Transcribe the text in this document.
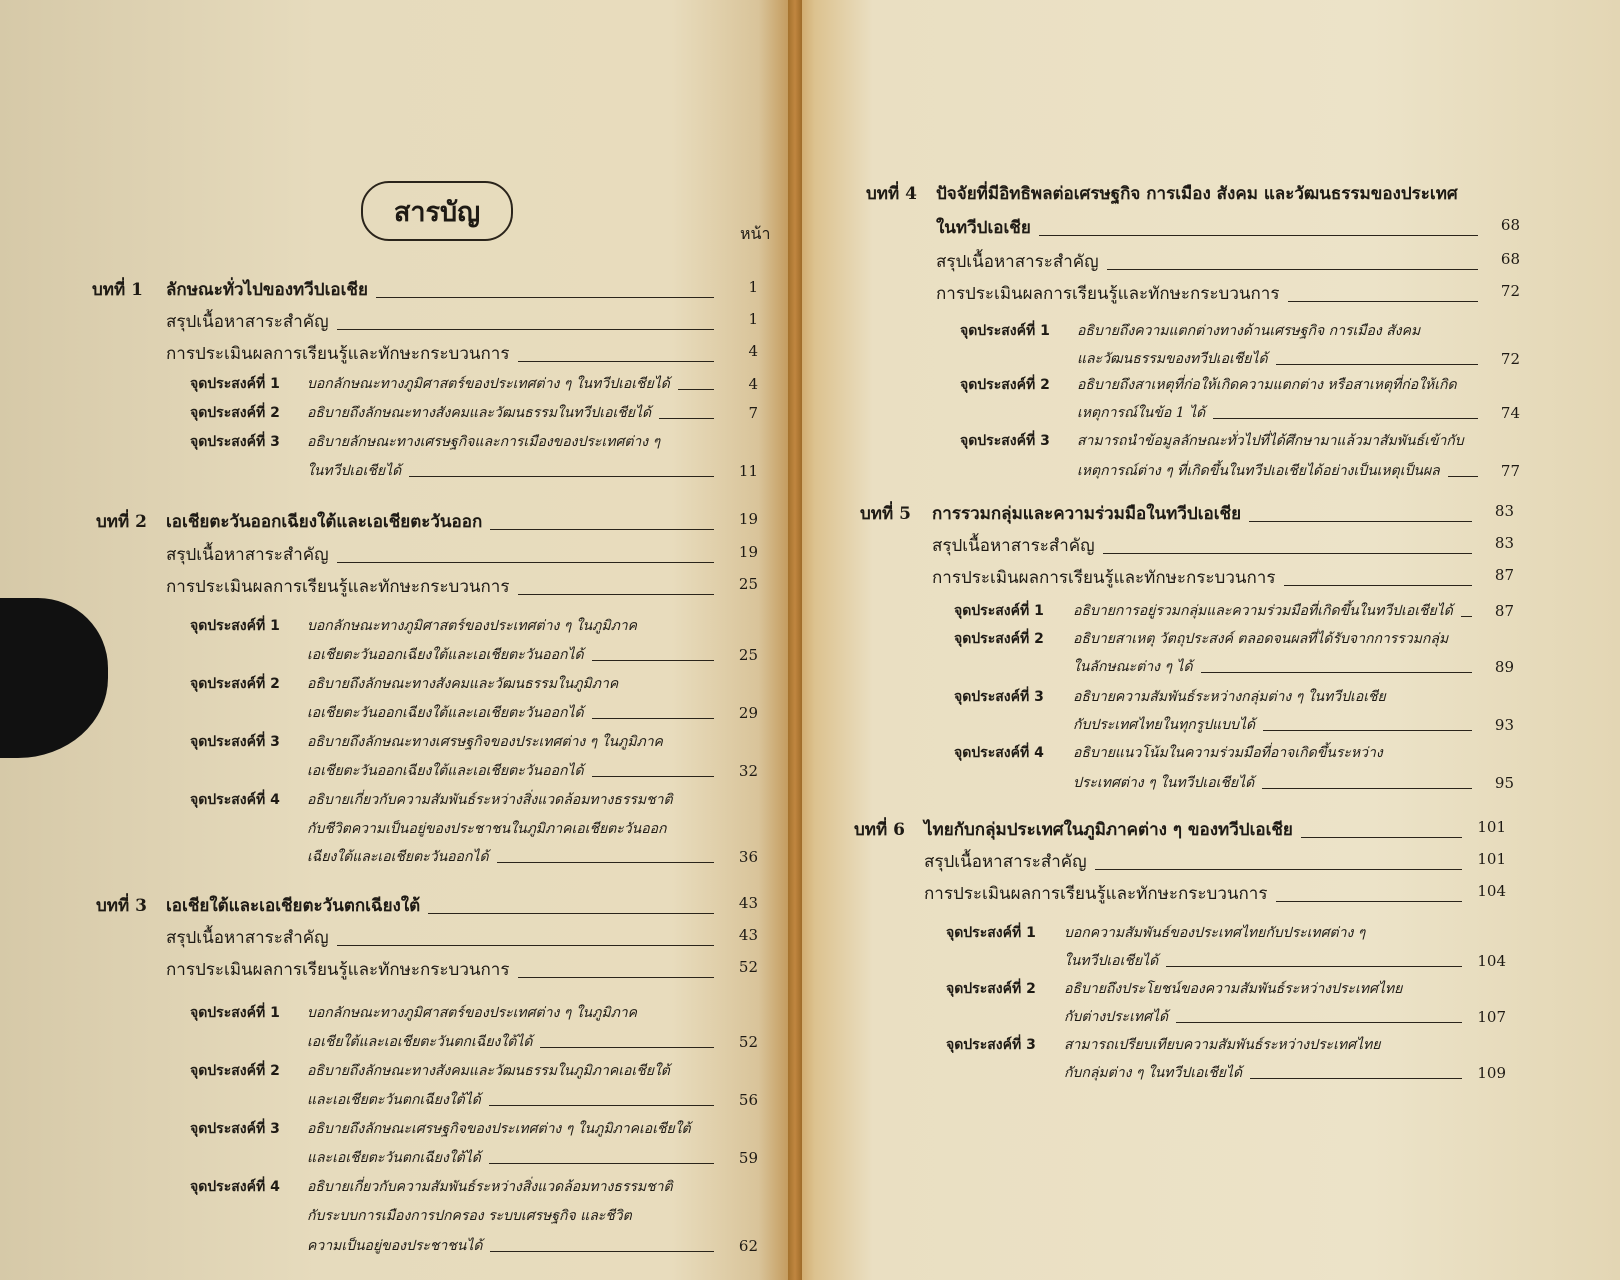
สารบัญ
หน้า
บทที่ 1	ลักษณะทั่วไปของทวีปเอเชีย	1
สรุปเนื้อหาสาระสำคัญ	1
การประเมินผลการเรียนรู้และทักษะกระบวนการ	4
จุดประสงค์ที่ 1	บอกลักษณะทางภูมิศาสตร์ของประเทศต่าง ๆ ในทวีปเอเชียได้	4
จุดประสงค์ที่ 2	อธิบายถึงลักษณะทางสังคมและวัฒนธรรมในทวีปเอเชียได้	7
จุดประสงค์ที่ 3	อธิบายลักษณะทางเศรษฐกิจและการเมืองของประเทศต่าง ๆ
ในทวีปเอเชียได้	11
บทที่ 2	เอเชียตะวันออกเฉียงใต้และเอเชียตะวันออก	19
สรุปเนื้อหาสาระสำคัญ	19
การประเมินผลการเรียนรู้และทักษะกระบวนการ	25
จุดประสงค์ที่ 1	บอกลักษณะทางภูมิศาสตร์ของประเทศต่าง ๆ ในภูมิภาค
เอเชียตะวันออกเฉียงใต้และเอเชียตะวันออกได้	25
จุดประสงค์ที่ 2	อธิบายถึงลักษณะทางสังคมและวัฒนธรรมในภูมิภาค
เอเชียตะวันออกเฉียงใต้และเอเชียตะวันออกได้	29
จุดประสงค์ที่ 3	อธิบายถึงลักษณะทางเศรษฐกิจของประเทศต่าง ๆ ในภูมิภาค
เอเชียตะวันออกเฉียงใต้และเอเชียตะวันออกได้	32
จุดประสงค์ที่ 4	อธิบายเกี่ยวกับความสัมพันธ์ระหว่างสิ่งแวดล้อมทางธรรมชาติ
กับชีวิตความเป็นอยู่ของประชาชนในภูมิภาคเอเชียตะวันออก
เฉียงใต้และเอเชียตะวันออกได้	36
บทที่ 3	เอเชียใต้และเอเชียตะวันตกเฉียงใต้	43
สรุปเนื้อหาสาระสำคัญ	43
การประเมินผลการเรียนรู้และทักษะกระบวนการ	52
จุดประสงค์ที่ 1	บอกลักษณะทางภูมิศาสตร์ของประเทศต่าง ๆ ในภูมิภาค
เอเชียใต้และเอเชียตะวันตกเฉียงใต้ได้	52
จุดประสงค์ที่ 2	อธิบายถึงลักษณะทางสังคมและวัฒนธรรมในภูมิภาคเอเชียใต้
และเอเชียตะวันตกเฉียงใต้ได้	56
จุดประสงค์ที่ 3	อธิบายถึงลักษณะเศรษฐกิจของประเทศต่าง ๆ ในภูมิภาคเอเชียใต้
และเอเชียตะวันตกเฉียงใต้ได้	59
จุดประสงค์ที่ 4	อธิบายเกี่ยวกับความสัมพันธ์ระหว่างสิ่งแวดล้อมทางธรรมชาติ
กับระบบการเมืองการปกครอง ระบบเศรษฐกิจ และชีวิต
ความเป็นอยู่ของประชาชนได้	62
บทที่ 4	ปัจจัยที่มีอิทธิพลต่อเศรษฐกิจ การเมือง สังคม และวัฒนธรรมของประเทศ
ในทวีปเอเชีย	68
สรุปเนื้อหาสาระสำคัญ	68
การประเมินผลการเรียนรู้และทักษะกระบวนการ	72
จุดประสงค์ที่ 1	อธิบายถึงความแตกต่างทางด้านเศรษฐกิจ การเมือง สังคม
และวัฒนธรรมของทวีปเอเชียได้	72
จุดประสงค์ที่ 2	อธิบายถึงสาเหตุที่ก่อให้เกิดความแตกต่าง หรือสาเหตุที่ก่อให้เกิด
เหตุการณ์ในข้อ 1 ได้	74
จุดประสงค์ที่ 3	สามารถนำข้อมูลลักษณะทั่วไปที่ได้ศึกษามาแล้วมาสัมพันธ์เข้ากับ
เหตุการณ์ต่าง ๆ ที่เกิดขึ้นในทวีปเอเชียได้อย่างเป็นเหตุเป็นผล	77
บทที่ 5	การรวมกลุ่มและความร่วมมือในทวีปเอเชีย	83
สรุปเนื้อหาสาระสำคัญ	83
การประเมินผลการเรียนรู้และทักษะกระบวนการ	87
จุดประสงค์ที่ 1	อธิบายการอยู่รวมกลุ่มและความร่วมมือที่เกิดขึ้นในทวีปเอเชียได้	87
จุดประสงค์ที่ 2	อธิบายสาเหตุ วัตถุประสงค์ ตลอดจนผลที่ได้รับจากการรวมกลุ่ม
ในลักษณะต่าง ๆ ได้	89
จุดประสงค์ที่ 3	อธิบายความสัมพันธ์ระหว่างกลุ่มต่าง ๆ ในทวีปเอเชีย
กับประเทศไทยในทุกรูปแบบได้	93
จุดประสงค์ที่ 4	อธิบายแนวโน้มในความร่วมมือที่อาจเกิดขึ้นระหว่าง
ประเทศต่าง ๆ ในทวีปเอเชียได้	95
บทที่ 6	ไทยกับกลุ่มประเทศในภูมิภาคต่าง ๆ ของทวีปเอเชีย	101
สรุปเนื้อหาสาระสำคัญ	101
การประเมินผลการเรียนรู้และทักษะกระบวนการ	104
จุดประสงค์ที่ 1	บอกความสัมพันธ์ของประเทศไทยกับประเทศต่าง ๆ
ในทวีปเอเชียได้	104
จุดประสงค์ที่ 2	อธิบายถึงประโยชน์ของความสัมพันธ์ระหว่างประเทศไทย
กับต่างประเทศได้	107
จุดประสงค์ที่ 3	สามารถเปรียบเทียบความสัมพันธ์ระหว่างประเทศไทย
กับกลุ่มต่าง ๆ ในทวีปเอเชียได้	109
